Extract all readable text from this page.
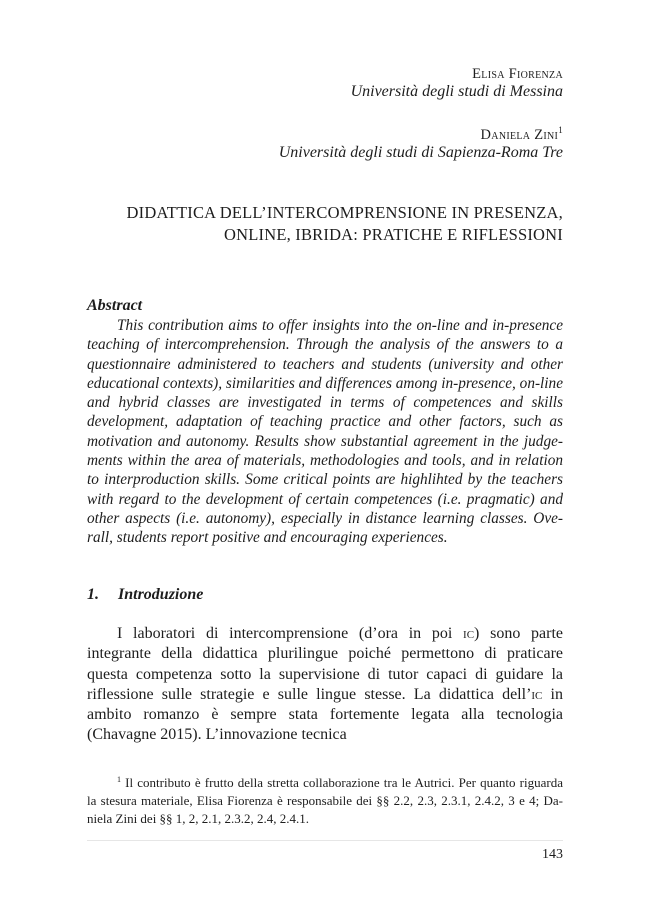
Elisa Fiorenza
Università degli studi di Messina
Daniela Zini$^1$
Università degli studi di Sapienza-Roma Tre
DIDATTICA DELL’INTERCOMPRENSIONE IN PRESENZA,
ONLINE, IBRIDA: PRATICHE E RIFLESSIONI
Abstract

This contribution aims to offer insights into the on-line and in-presence teaching of intercomprehension. Through the analysis of the answers to a questionnaire administered to teachers and students (university and other educational contexts), similarities and differences among in-presence, on-line and hybrid classes are investigated in terms of competences and skills development, adaptation of teaching practice and other factors, such as motivation and autonomy. Results show substantial agreement in the judge-ments within the area of materials, methodologies and tools, and in relation to interproduction skills. Some critical points are highlihted by the teachers with regard to the development of certain competences (i.e. pragmatic) and other aspects (i.e. autonomy), especially in distance learning classes. Ove-rall, students report positive and encouraging experiences.

1. Introduzione

I laboratori di intercomprensione (d’ora in poi ic) sono parte integrante della didattica plurilingue poiché permettono di praticare questa competenza sotto la supervisione di tutor capaci di guidare la riflessione sulle strategie e sulle lingue stesse. La didattica dell’ic in ambito romanzo è sempre stata fortemente legata alla tecnologia (Chavagne 2015). L’innovazione tecnica

$^1$ Il contributo è frutto della stretta collaborazione tra le Autrici. Per quanto riguarda la stesura materiale, Elisa Fiorenza è responsabile dei §§ 2.2, 2.3, 2.3.1, 2.4.2, 3 e 4; Da-niela Zini dei §§ 1, 2, 2.1, 2.3.2, 2.4, 2.4.1.

143
